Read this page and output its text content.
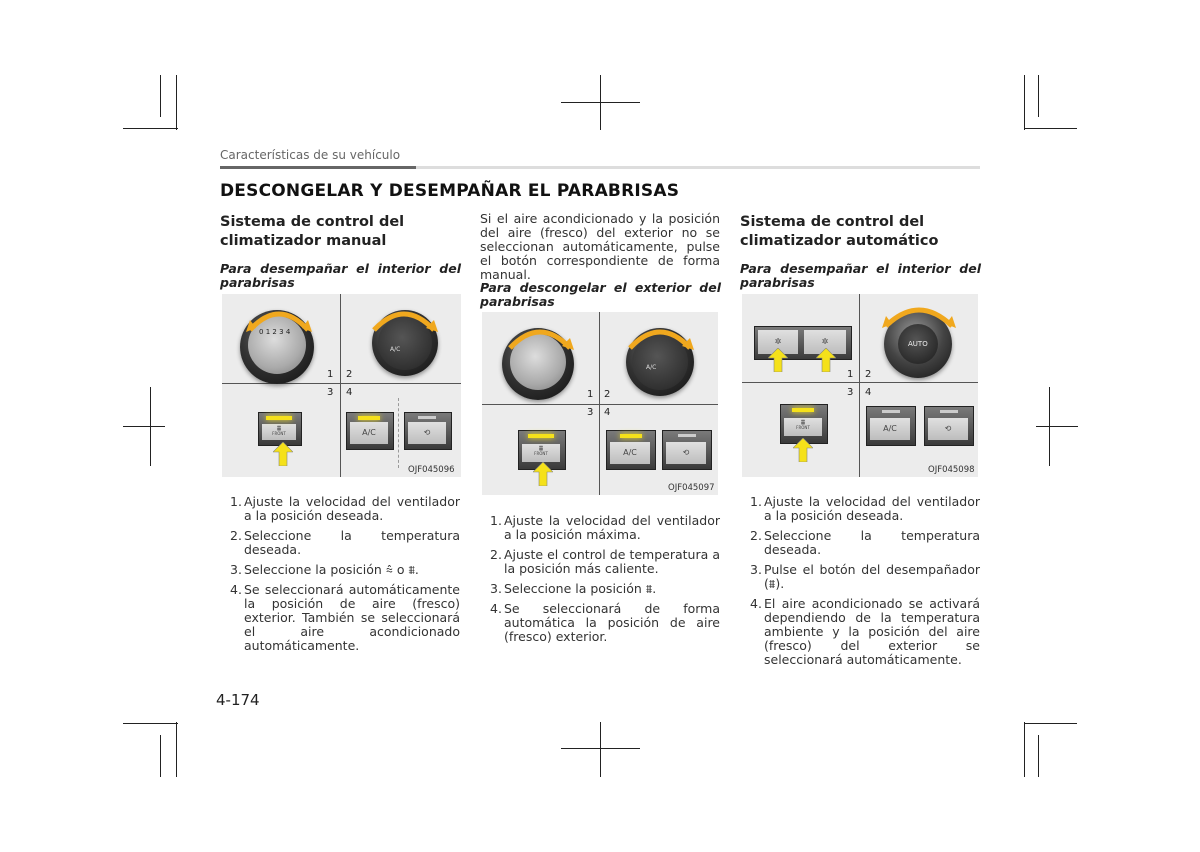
Características de su vehículo
DESCONGELAR Y DESEMPAÑAR EL PARABRISAS
Sistema de control del climatizador manual
Para desempañar el interior del parabrisas
1 2
3 4
0 1 2 3 4
A/C
⩩
FRONT	A/C	⟲
OJF045096
1. Ajuste la velocidad del ventilador a la posición deseada.
2. Seleccione la temperatura deseada.
3. Seleccione la posición ⩯ o ⩩.
4. Se seleccionará automáticamente la posición de aire (fresco) exterior. También se seleccionará el aire acondicionado automáticamente.

Si el aire acondicionado y la posición del aire (fresco) del exterior no se seleccionan automáticamente, pulse el botón correspondiente de forma manual.

Para descongelar el exterior del parabrisas
1 2
3 4
A/C
⩩
FRONT	A/C	⟲
OJF045097
1. Ajuste la velocidad del ventilador a la posición máxima.
2. Ajuste el control de temperatura a la posición más caliente.
3. Seleccione la posición ⩩.
4. Se seleccionará de forma automática la posición de aire (fresco) exterior.
Sistema de control del climatizador automático
Para desempañar el interior del parabrisas
1 2
3 4
✲	✲	AUTO
⩩
FRONT	A/C	⟲
OJF045098
1. Ajuste la velocidad del ventilador a la posición deseada.
2. Seleccione la temperatura deseada.
3. Pulse el botón del desempañador (⩩).
4. El aire acondicionado se activará dependiendo de la temperatura ambiente y la posición del aire (fresco) del exterior se seleccionará automáticamente.
4-174
